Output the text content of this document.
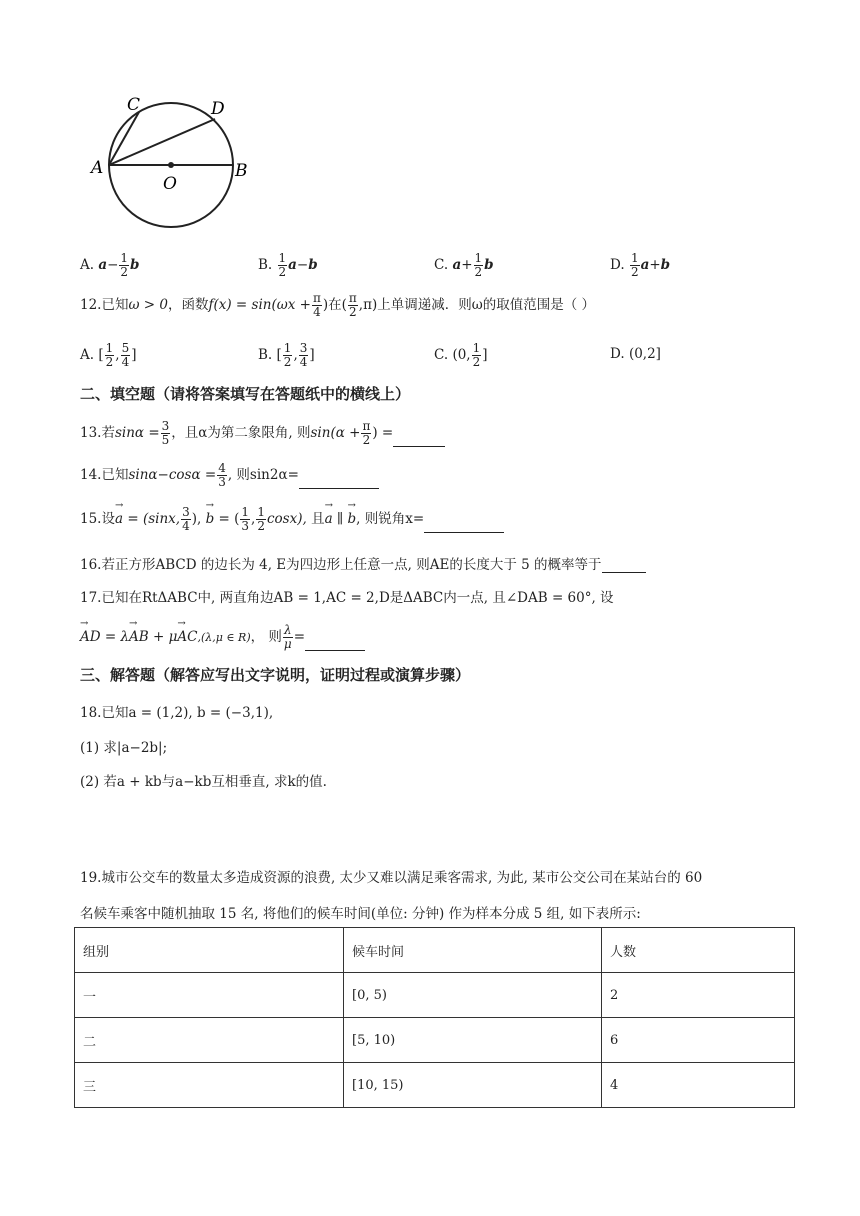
C	D
A
O
B
A. $a- \frac{1}{2}$ b	B. $\frac{1}{2} a-b$	C. $a+ \frac{1}{2}$ b	D. $\frac{1}{2} a+b$
12.已知ω > 0，函数$f(x) = \sin(\omega x + \frac{\pi}{4}$ )在( $\frac{\pi}{2} ,\pi$)上单调递减．则ω的取值范围是（ ）
A. [ $\frac{1}{2}$ , $\frac{5}{4}$ ]	B. [ $\frac{1}{2}$ , $\frac{3}{4}$ ]	C. (0, $\frac{1}{2}$ ]	D. (0,2]
二、填空题（请将答案填写在答题纸中的横线上）
13.若$\sin\alpha = \frac{3}{5}$ ，且α为第二象限角, 则$\sin(\alpha + \frac{\pi}{2}$ ) =
14.已知$\sin\alpha-\cos\alpha = \frac{4}{3}$ , 则sin2α=
15.设→ a = (sinx, $\frac{3}{4}$ ), → b = ( $\frac{1}{3}$ , $\frac{1}{2} \cos x$), 且→ a ∥ → b, 则锐角x=
16.若正方形ABCD 的边长为 4, E为四边形上任意一点, 则AE的长度大于 5 的概率等于
17.已知在RtΔABC中, 两直角边AB = 1,AC = 2,D是ΔABC内一点, 且∠DAB = 60°, 设
→ AD = λ→ AB + μ→ AC,(λ,μ ∈ R)， 则 $\frac{\lambda}{\mu}$ =
三、解答题（解答应写出文字说明，证明过程或演算步骤）
18.已知a = (1,2), b = (−3,1),
(1) 求|a−2b|;
(2) 若a + kb与a−kb互相垂直, 求k的值.
19.城市公交车的数量太多造成资源的浪费, 太少又难以满足乘客需求, 为此, 某市公交公司在某站台的 60
名候车乘客中随机抽取 15 名, 将他们的候车时间(单位: 分钟) 作为样本分成 5 组, 如下表所示:
组别	候车时间	人数
一	[0, 5)	2
二	[5, 10)	6
三	[10, 15)	4
